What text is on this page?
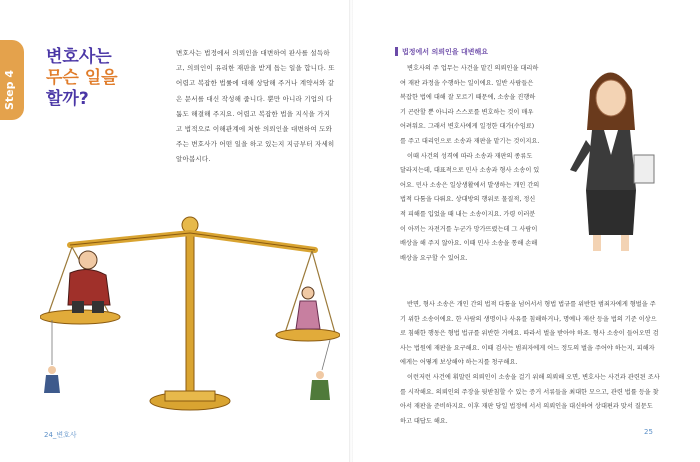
Step 4
변호사는
무슨 일을
할까?
변호사는 법정에서 의뢰인을 대변하여 판사를 설득하고, 의뢰인이 유리한 재판을 받게 돕는 일을 합니다. 또 어렵고 복잡한 법률에 대해 상담해 주거나 계약서와 같은 문서를 대신 작성해 줍니다. 뿐만 아니라 기업의 다툼도 해결해 주지요. 어렵고 복잡한 법을 지식을 가지고 법적으로 이해관계에 처한 의뢰인을 대변하여 도와주는 변호사가 어떤 일을 하고 있는지 지금부터 자세히 알아봅시다.
24_변호사
법정에서 의뢰인을 대변해요

변호사의 주 업무는 사건을 맡긴 의뢰인을 대리하여 재판 과정을 수행하는 일이에요. 일반 사람들은 복잡한 법에 대해 잘 모르기 때문에, 소송을 진행하기 곤란할 뿐 아니라 스스로를 변호하는 것이 매우 어려워요. 그래서 변호사에게 일정한 대가(수임료)를 주고 대리인으로 소송과 재판을 맡기는 것이지요.

이때 사건의 성격에 따라 소송과 재판의 종류도 달라지는데, 대표적으로 민사 소송과 형사 소송이 있어요. 민사 소송은 일상생활에서 발생하는 개인 간의 법적 다툼을 다뤄요. 상대방의 행위로 물질적, 정신적 피해를 입었을 때 내는 소송이지요. 가령 이러분이 아끼는 자전거를 누군가 망가뜨렸는데 그 사람이 배상을 해 주지 않아요. 이때 민사 소송을 통해 손해 배상을 요구할 수 있어요.

반면, 형사 소송은 개인 간의 법적 다툼을 넘어서서 형법 법규를 위반한 범죄자에게 형벌을 주기 위한 소송이에요. 한 사람의 생명이나 사유를 침해하거나, 명예나 재산 등을 법의 기준 이상으로 침해한 행동은 형법 법규를 위반한 거예요. 따라서 벌을 받아야 하죠. 형사 소송이 들어오면 검사는 법원에 재판을 요구해요. 이때 검사는 범죄자에게 어느 정도의 벌을 주어야 하는지, 피해자에게는 어떻게 보상해야 하는지를 청구해요.

이런저런 사건에 휘말린 의뢰인이 소송을 걸기 위해 의뢰해 오면, 변호사는 사건과 관련된 조사를 시작해요. 의뢰인의 주장을 뒷받침할 수 있는 증거 서류들을 최대한 모으고, 관련 법률 등을 찾아서 재판을 준비하지요. 이후 재판 당일 법정에 서서 의뢰인을 대신하여 상대편과 맞서 질문도 하고 대답도 해요.

25
